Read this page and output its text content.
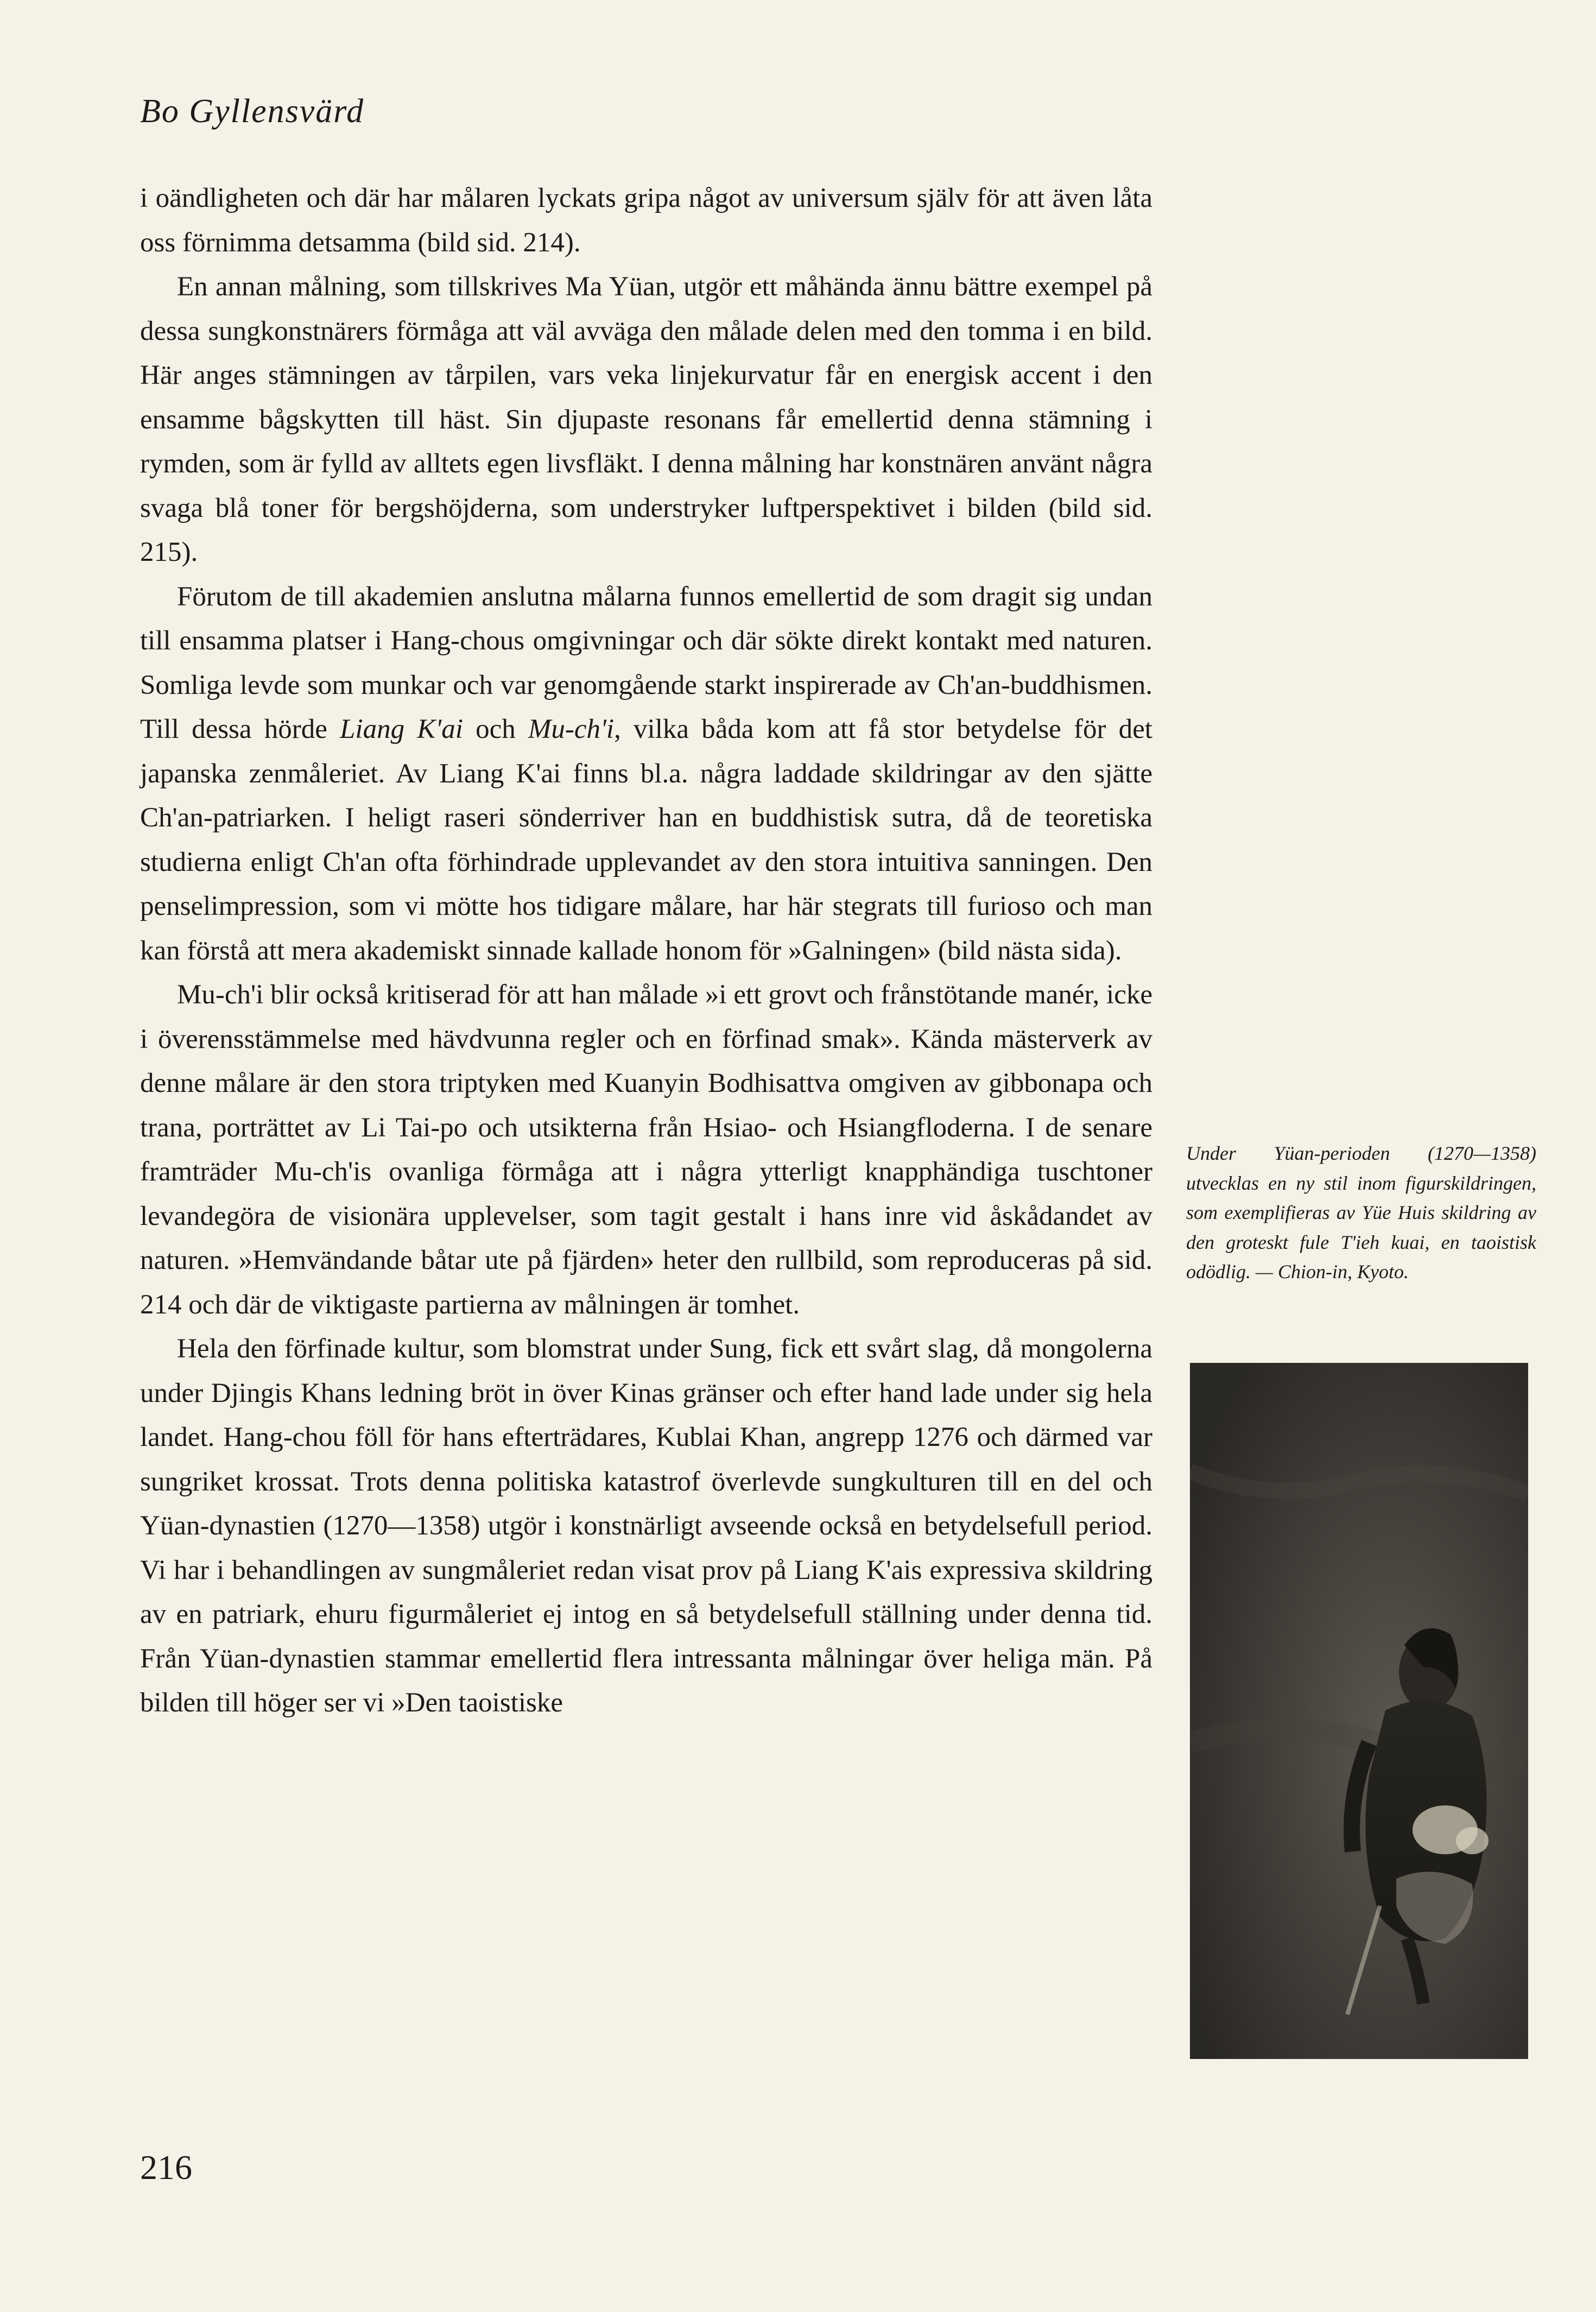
Bo Gyllensvärd

i oändligheten och där har målaren lyckats gripa något av universum själv för att även låta oss förnimma detsamma (bild sid. 214).

En annan målning, som tillskrives Ma Yüan, utgör ett måhända ännu bättre exempel på dessa sungkonstnärers förmåga att väl avväga den målade delen med den tomma i en bild. Här anges stämningen av tårpilen, vars veka linjekurvatur får en energisk accent i den ensamme bågskytten till häst. Sin djupaste resonans får emellertid denna stämning i rymden, som är fylld av alltets egen livsfläkt. I denna målning har konstnären använt några svaga blå toner för bergshöjderna, som understryker luftperspektivet i bilden (bild sid. 215).

Förutom de till akademien anslutna målarna funnos emellertid de som dragit sig undan till ensamma platser i Hang-chous omgivningar och där sökte direkt kontakt med naturen. Somliga levde som munkar och var genomgående starkt inspirerade av Ch'an-buddhismen. Till dessa hörde Liang K'ai och Mu-ch'i, vilka båda kom att få stor betydelse för det japanska zenmåleriet. Av Liang K'ai finns bl.a. några laddade skildringar av den sjätte Ch'an-patriarken. I heligt raseri sönderriver han en buddhistisk sutra, då de teoretiska studierna enligt Ch'an ofta förhindrade upplevandet av den stora intuitiva sanningen. Den penselimpression, som vi mötte hos tidigare målare, har här stegrats till furioso och man kan förstå att mera akademiskt sinnade kallade honom för »Galningen» (bild nästa sida).

Mu-ch'i blir också kritiserad för att han målade »i ett grovt och frånstötande manér, icke i överensstämmelse med hävdvunna regler och en förfinad smak». Kända mästerverk av denne målare är den stora triptyken med Kuanyin Bodhisattva omgiven av gibbonapa och trana, porträttet av Li Tai-po och utsikterna från Hsiao- och Hsiangfloderna. I de senare framträder Mu-ch'is ovanliga förmåga att i några ytterligt knapphändiga tuschtoner levandegöra de visionära upplevelser, som tagit gestalt i hans inre vid åskådandet av naturen. »Hemvändande båtar ute på fjärden» heter den rullbild, som reproduceras på sid. 214 och där de viktigaste partierna av målningen är tomhet.

Hela den förfinade kultur, som blomstrat under Sung, fick ett svårt slag, då mongolerna under Djingis Khans ledning bröt in över Kinas gränser och efter hand lade under sig hela landet. Hang-chou föll för hans efterträdares, Kublai Khan, angrepp 1276 och därmed var sungriket krossat. Trots denna politiska katastrof överlevde sungkulturen till en del och Yüan-dynastien (1270—1358) utgör i konstnärligt avseende också en betydelsefull period. Vi har i behandlingen av sungmåleriet redan visat prov på Liang K'ais expressiva skildring av en patriark, ehuru figurmåleriet ej intog en så betydelsefull ställning under denna tid. Från Yüan-dynastien stammar emellertid flera intressanta målningar över heliga män. På bilden till höger ser vi »Den taoistiske

Under Yüan-perioden (1270—1358) utvecklas en ny stil inom figurskildringen, som exemplifieras av Yüe Huis skildring av den groteskt fule T'ieh kuai, en taoistisk odödlig. — Chion-in, Kyoto.
216
